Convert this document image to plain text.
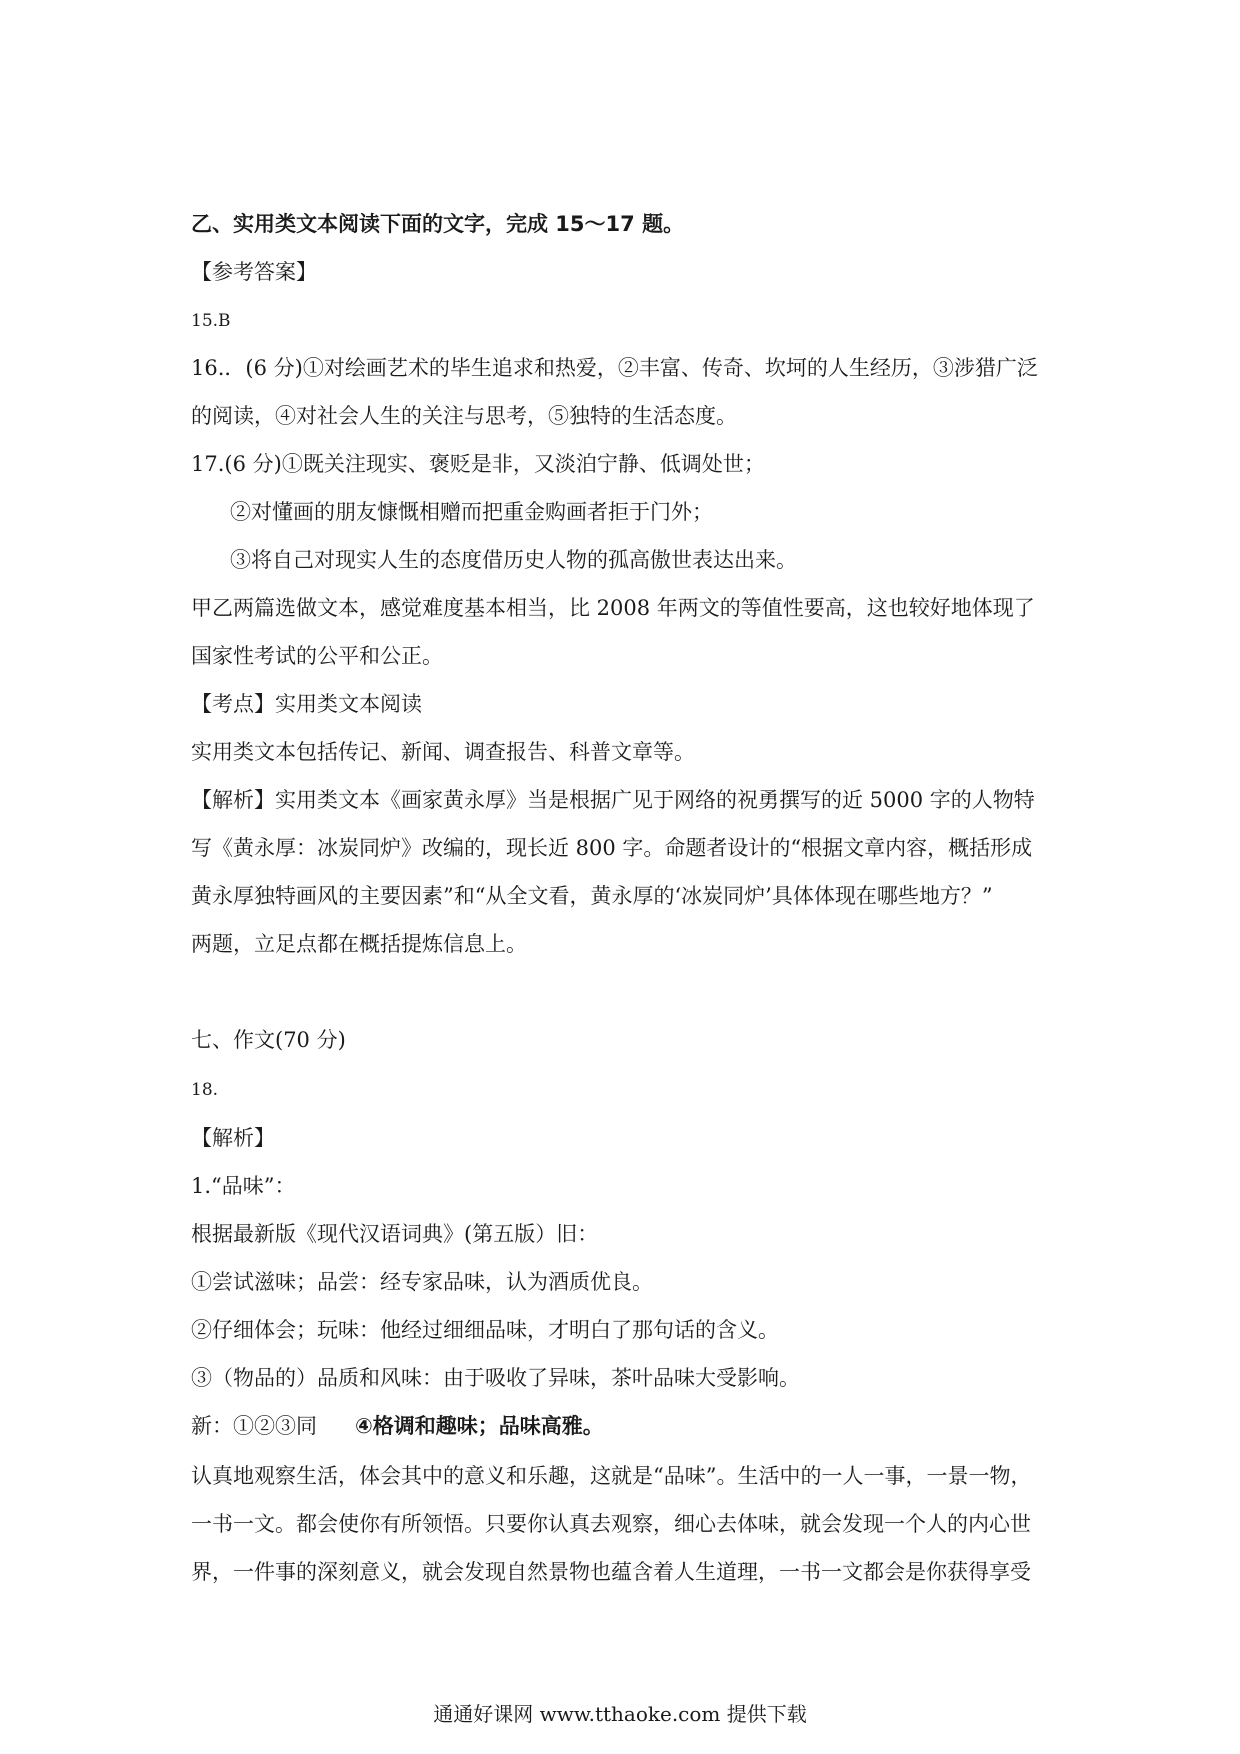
乙、实用类文本阅读下面的文字，完成 15～17 题。
【参考答案】
15.B
16.．(6 分)①对绘画艺术的毕生追求和热爱，②丰富、传奇、坎坷的人生经历，③涉猎广泛
的阅读，④对社会人生的关注与思考，⑤独特的生活态度。
17.(6 分)①既关注现实、褒贬是非，又淡泊宁静、低调处世；
②对懂画的朋友慷慨相赠而把重金购画者拒于门外；
③将自己对现实人生的态度借历史人物的孤高傲世表达出来。
甲乙两篇选做文本，感觉难度基本相当，比 2008 年两文的等值性要高，这也较好地体现了
国家性考试的公平和公正。
【考点】实用类文本阅读
实用类文本包括传记、新闻、调查报告、科普文章等。
【解析】实用类文本《画家黄永厚》当是根据广见于网络的祝勇撰写的近 5000 字的人物特
写《黄永厚：冰炭同炉》改编的，现长近 800 字。命题者设计的“根据文章内容，概括形成
黄永厚独特画风的主要因素”和“从全文看，黄永厚的‘冰炭同炉’具体体现在哪些地方？”
两题，立足点都在概括提炼信息上。
七、作文(70 分)
18.
【解析】
1.“品味”：
根据最新版《现代汉语词典》(第五版）旧：
①尝试滋味；品尝：经专家品味，认为酒质优良。
②仔细体会；玩味：他经过细细品味，才明白了那句话的含义。
③（物品的）品质和风味：由于吸收了异味，茶叶品味大受影响。
新：①②③同 ④格调和趣味；品味高雅。
认真地观察生活，体会其中的意义和乐趣，这就是“品味”。生活中的一人一事，一景一物，
一书一文。都会使你有所领悟。只要你认真去观察，细心去体味，就会发现一个人的内心世
界，一件事的深刻意义，就会发现自然景物也蕴含着人生道理，一书一文都会是你获得享受
通通好课网 www.tthaoke.com 提供下载
